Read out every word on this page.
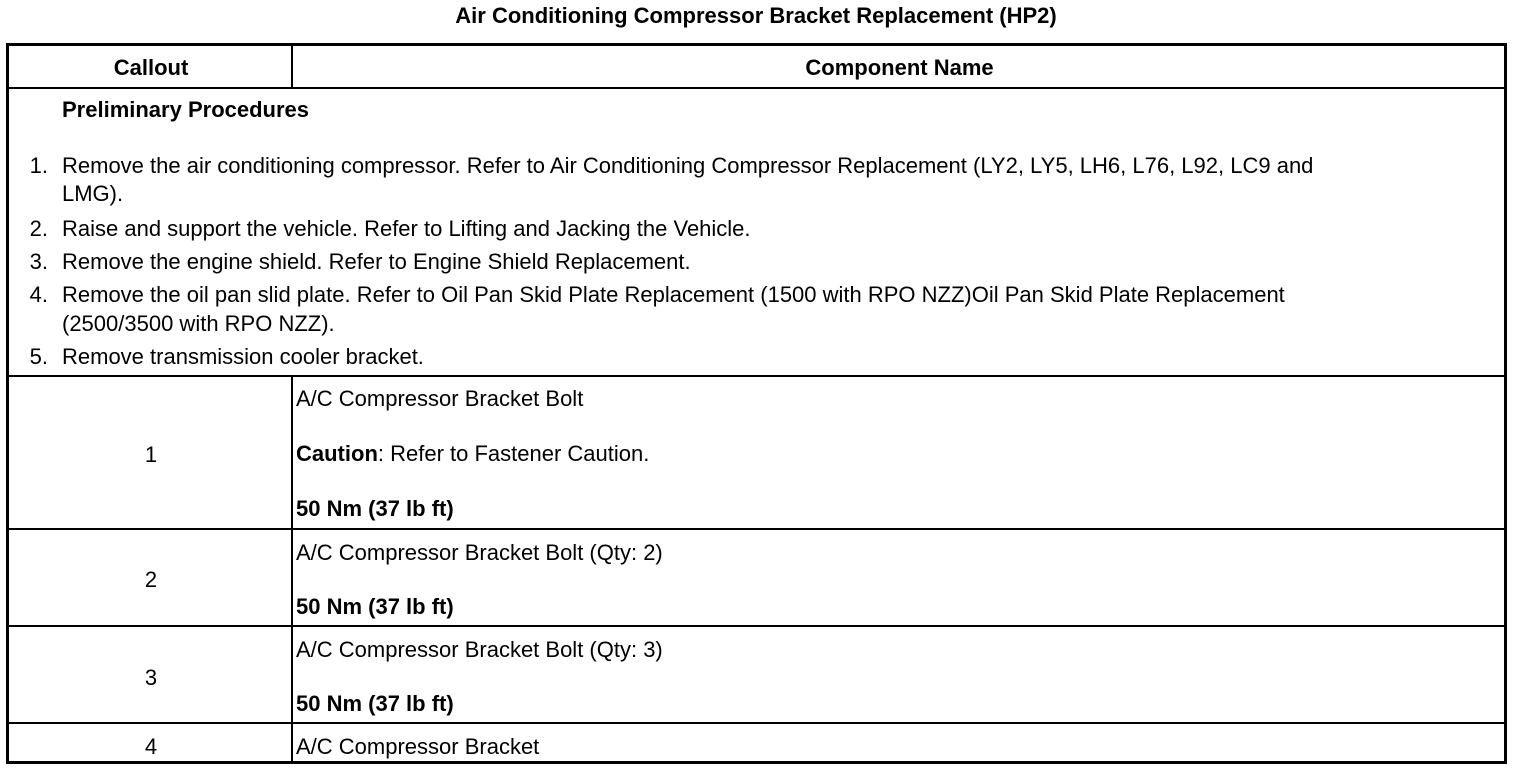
Air Conditioning Compressor Bracket Replacement (HP2)
Callout	Component Name
Preliminary Procedures
1. Remove the air conditioning compressor. Refer to Air Conditioning Compressor Replacement (LY2, LY5, LH6, L76, L92, LC9 and
LMG).
2. Raise and support the vehicle. Refer to Lifting and Jacking the Vehicle.
3. Remove the engine shield. Refer to Engine Shield Replacement.
4. Remove the oil pan slid plate. Refer to Oil Pan Skid Plate Replacement (1500 with RPO NZZ)Oil Pan Skid Plate Replacement
(2500/3500 with RPO NZZ).
5. Remove transmission cooler bracket.
1
A/C Compressor Bracket Bolt
Caution: Refer to Fastener Caution.
50 Nm (37 lb ft)
2
A/C Compressor Bracket Bolt (Qty: 2)
50 Nm (37 lb ft)
3
A/C Compressor Bracket Bolt (Qty: 3)
50 Nm (37 lb ft)
4	A/C Compressor Bracket
